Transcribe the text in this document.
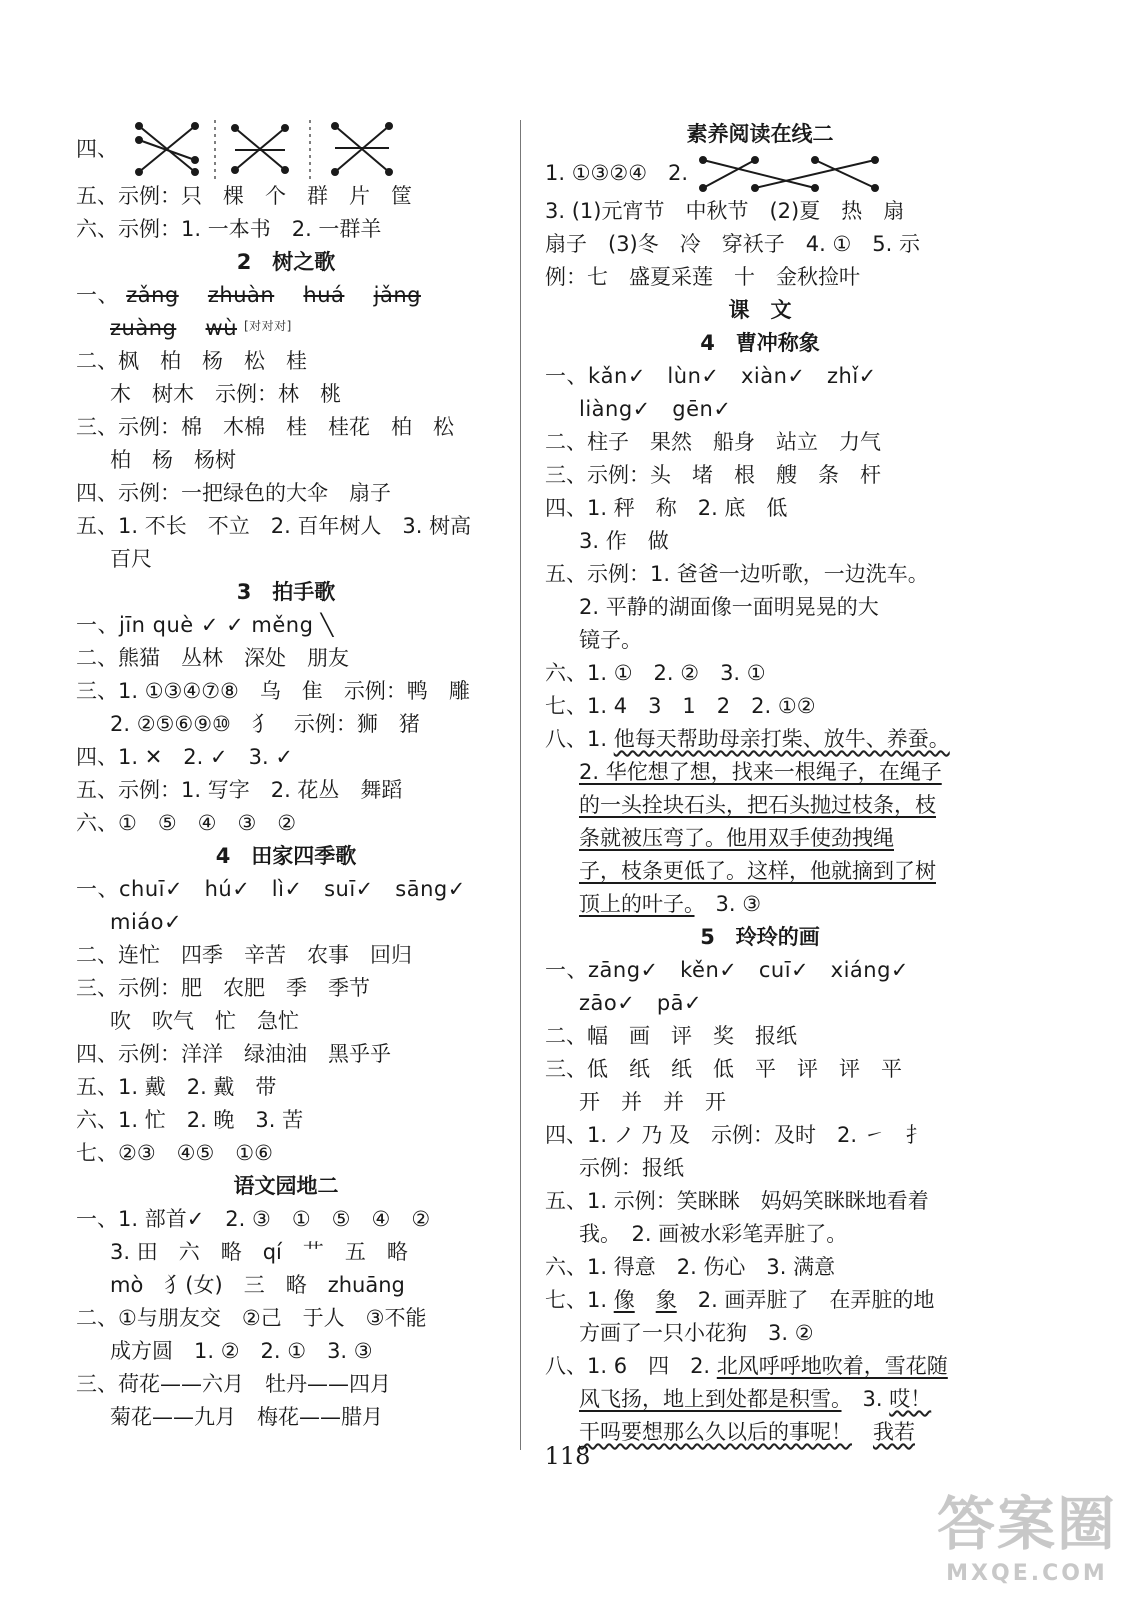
四、
五、示例：只　棵　个　群　片　筐
六、示例：1. 一本书　2. 一群羊
2　树之歌
一、 zǎng zhuàn huá jǎng
zuàng wù [对对对]
二、枫　柏　杨　松　桂
木　树木　示例：林　桃
三、示例：棉　木棉　桂　桂花　柏　松
柏　杨　杨树
四、示例：一把绿色的大伞　扇子
五、1. 不长　不立　2. 百年树人　3. 树高
百尺
3　拍手歌
一、jīn què ✓ ✓ měng ╲
二、熊猫　丛林　深处　朋友
三、1. ①③④⑦⑧　乌　隹　示例：鸭　雕
2. ②⑤⑥⑨⑩　犭　示例：狮　猪
四、1. ✕　2. ✓　3. ✓
五、示例：1. 写字　2. 花丛　舞蹈
六、①　⑤　④　③　②
4　田家四季歌
一、chuī✓　hú✓　lì✓　suī✓　sāng✓
miáo✓
二、连忙　四季　辛苦　农事　回归
三、示例：肥　农肥　季　季节
吹　吹气　忙　急忙
四、示例：洋洋　绿油油　黑乎乎
五、1. 戴　2. 戴　带
六、1. 忙　2. 晚　3. 苦
七、②③　④⑤　①⑥
语文园地二
一、1. 部首✓　2. ③　①　⑤　④　②
3. 田　六　略　qí　艹　五　略
mò　犭(女)　三　略　zhuāng
二、①与朋友交　②己　于人　③不能
成方圆　1. ②　2. ①　3. ③
三、荷花——六月　牡丹——四月
菊花——九月　梅花——腊月
素养阅读在线二
1. ①③②④　2.
3. (1)元宵节　中秋节　(2)夏　热　扇
扇子　(3)冬　冷　穿袄子　4. ①　5. 示
例：七　盛夏采莲　十　金秋捡叶
课　文
4　曹冲称象
一、kǎn✓　lùn✓　xiàn✓　zhǐ✓
liàng✓　gēn✓
二、柱子　果然　船身　站立　力气
三、示例：头　堵　根　艘　条　杆
四、1. 秤　称　2. 底　低
3. 作　做
五、示例：1. 爸爸一边听歌，一边洗车。
2. 平静的湖面像一面明晃晃的大
镜子。
六、1. ①　2. ②　3. ①
七、1. 4　3　1　2　2. ①②
八、1. 他每天帮助母亲打柴、放牛、养蚕。
2. 华佗想了想，找来一根绳子，在绳子
的一头拴块石头，把石头抛过枝条，枝
条就被压弯了。他用双手使劲拽绳
子，枝条更低了。这样，他就摘到了树
顶上的叶子。　 3. ③
5　玲玲的画
一、zāng✓　kěn✓　cuī✓　xiáng✓
zāo✓　pā✓
二、幅　画　评　奖　报纸
三、低　纸　纸　低　平　评　评　平
开　并　并　开
四、1. ノ 乃 及　示例：及时　2. ㇀　扌
示例：报纸
五、1. 示例：笑眯眯　妈妈笑眯眯地看着
我。　2. 画被水彩笔弄脏了。
六、1. 得意　2. 伤心　3. 满意
七、1. 像　 象　2. 画弄脏了　在弄脏的地
方画了一只小花狗　3. ②
八、1. 6　四　2. 北风呼呼地吹着，雪花随
风飞扬，地上到处都是积雪。　3. 哎！
干吗要想那么久以后的事呢！　 我若
118
答案圈
MXQE.COM
